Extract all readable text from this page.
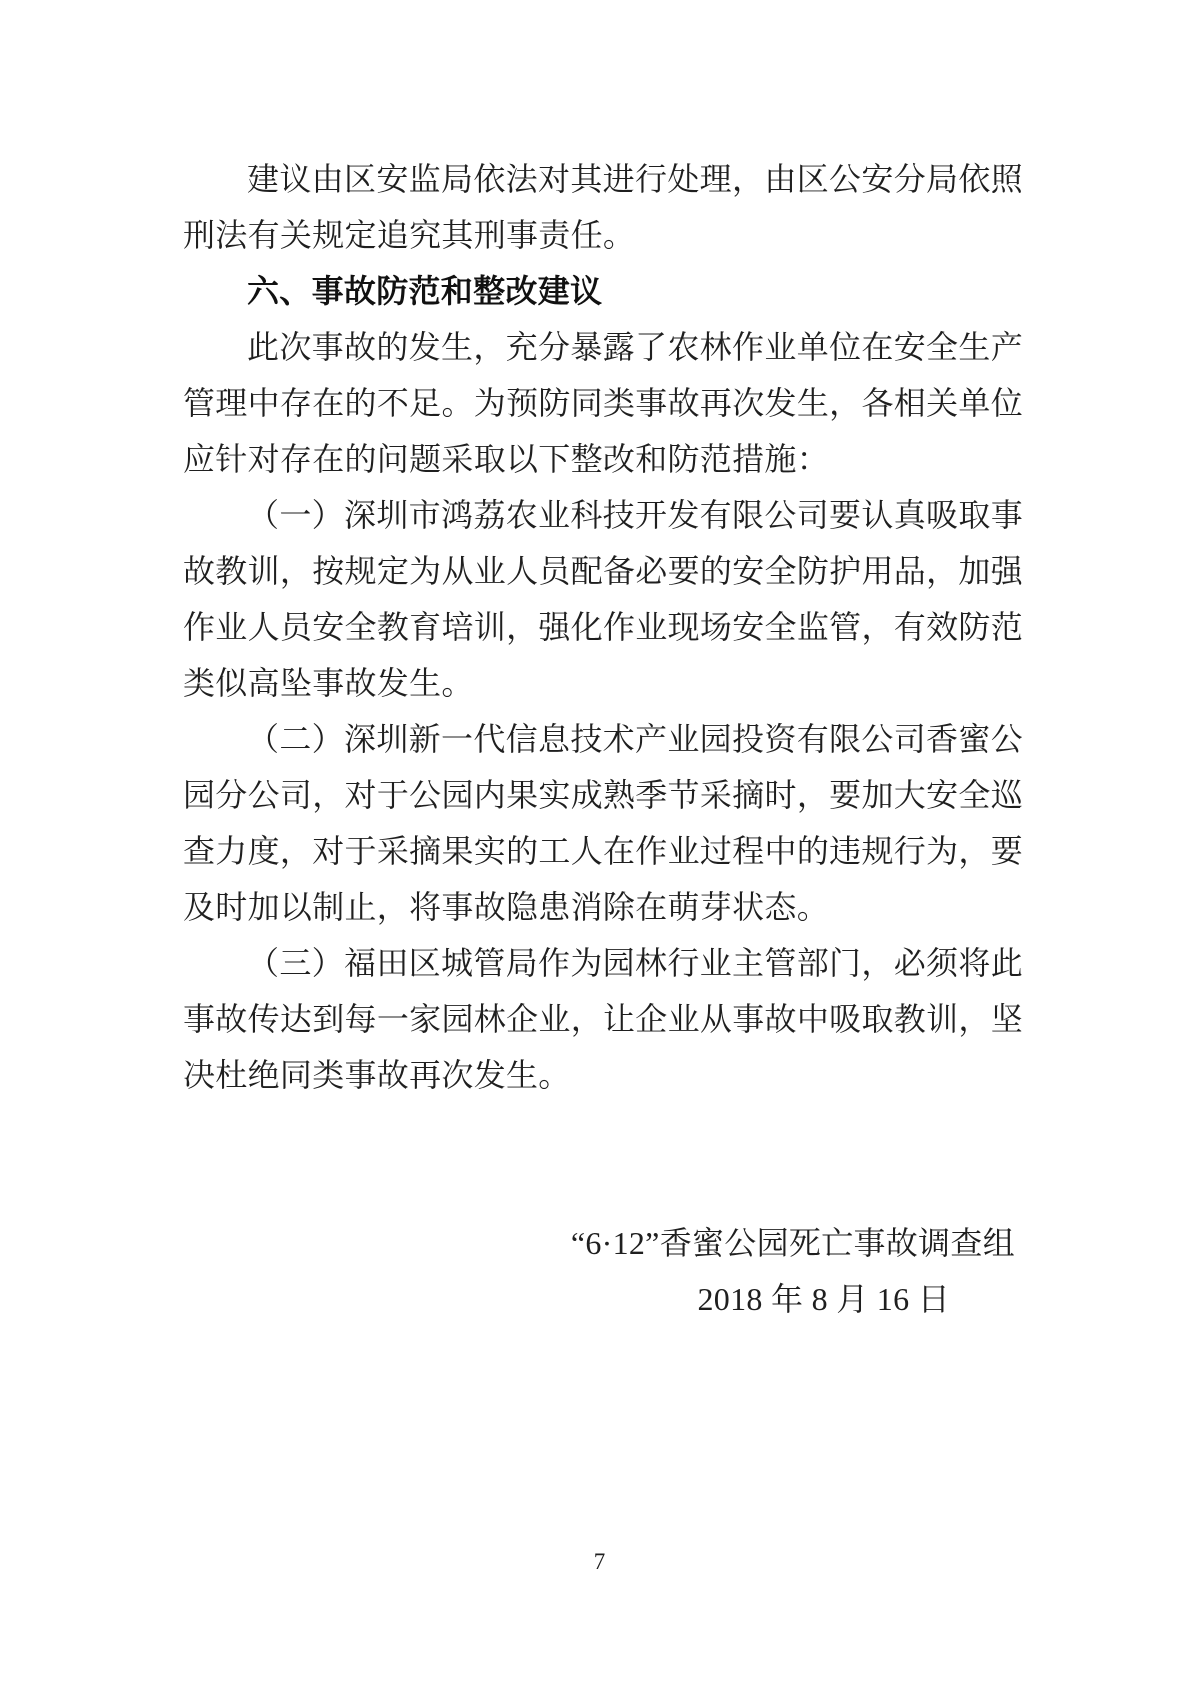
建议由区安监局依法对其进行处理，由区公安分局依照刑法有关规定追究其刑事责任。

六、事故防范和整改建议

此次事故的发生，充分暴露了农林作业单位在安全生产管理中存在的不足。为预防同类事故再次发生，各相关单位应针对存在的问题采取以下整改和防范措施：

（一）深圳市鸿荔农业科技开发有限公司要认真吸取事故教训，按规定为从业人员配备必要的安全防护用品，加强作业人员安全教育培训，强化作业现场安全监管，有效防范类似高坠事故发生。

（二）深圳新一代信息技术产业园投资有限公司香蜜公园分公司，对于公园内果实成熟季节采摘时，要加大安全巡查力度，对于采摘果实的工人在作业过程中的违规行为，要及时加以制止，将事故隐患消除在萌芽状态。

（三）福田区城管局作为园林行业主管部门，必须将此事故传达到每一家园林企业，让企业从事故中吸取教训，坚决杜绝同类事故再次发生。

“6·12”香蜜公园死亡事故调查组
2018 年 8 月 16 日
7
